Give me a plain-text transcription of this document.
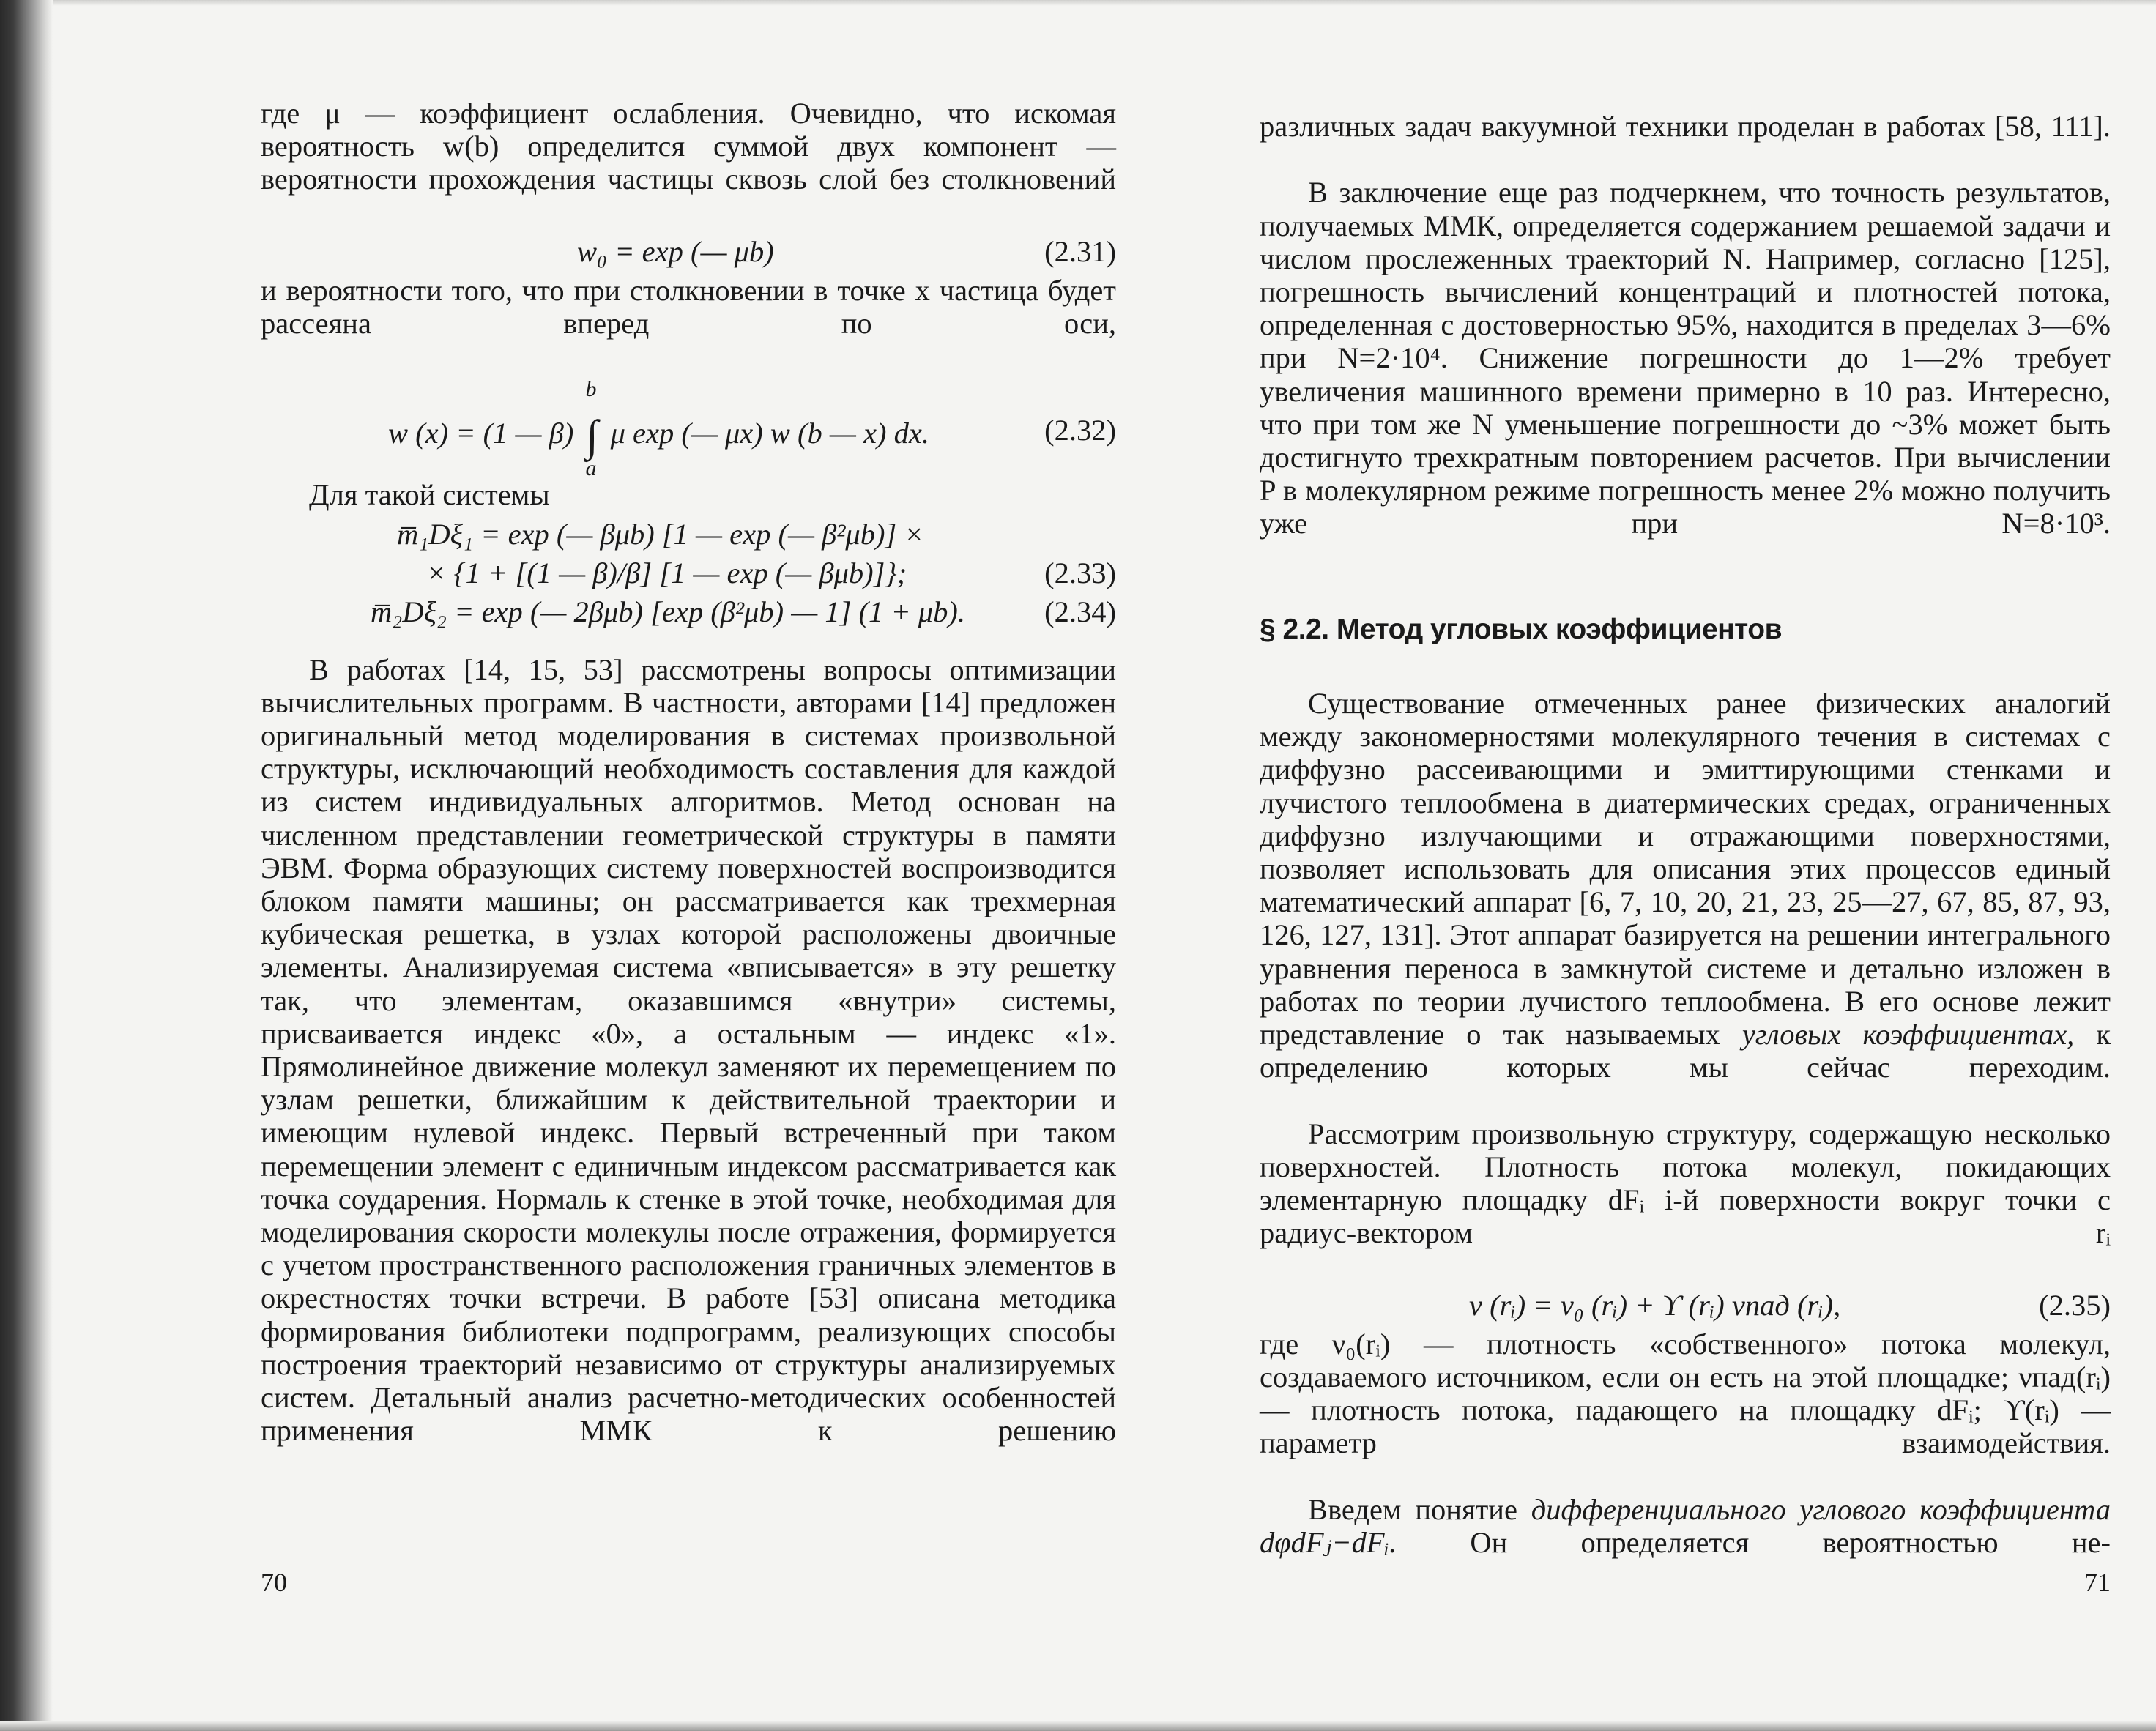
где μ — коэффициент ослабления. Очевидно, что искомая вероятность w(b) определится суммой двух компонент — вероятности прохождения частицы сквозь слой без столкновений

w₀ = exp (— μb)	(2.31)

и вероятности того, что при столкновении в точке x частица будет рассеяна вперед по оси,

w (x) = (1 — β) ∫
b
a
μ exp (— μx) w (b — x) dx.	(2.32)

Для такой системы

m̅₁Dξ₁ = exp (— βμb) [1 — exp (— β²μb)] ×
× {1 + [(1 — β)/β] [1 — exp (— βμb)]};	(2.33)
m̅₂Dξ₂ = exp (— 2βμb) [exp (β²μb) — 1] (1 + μb).	(2.34)

В работах [14, 15, 53] рассмотрены вопросы оптимизации вычислительных программ. В частности, авторами [14] предложен оригинальный метод моделирования в системах произвольной структуры, исключающий необходимость составления для каждой из систем индивидуальных алгоритмов. Метод основан на численном представлении геометрической структуры в памяти ЭВМ. Форма образующих систему поверхностей воспроизводится блоком памяти машины; он рассматривается как трехмерная кубическая решетка, в узлах которой расположены двоичные элементы. Анализируемая система «вписывается» в эту решетку так, что элементам, оказавшимся «внутри» системы, присваивается индекс «0», а остальным — индекс «1». Прямолинейное движение молекул заменяют их перемещением по узлам решетки, ближайшим к действительной траектории и имеющим нулевой индекс. Первый встреченный при таком перемещении элемент с единичным индексом рассматривается как точка соударения. Нормаль к стенке в этой точке, необходимая для моделирования скорости молекулы после отражения, формируется с учетом пространственного расположения граничных элементов в окрестностях точки встречи. В работе [53] описана методика формирования библиотеки подпрограмм, реализующих способы построения траекторий независимо от структуры анализируемых систем. Детальный анализ расчетно-методических особенностей применения ММК к решению

70

различных задач вакуумной техники проделан в работах [58, 111].

В заключение еще раз подчеркнем, что точность результатов, получаемых ММК, определяется содержанием решаемой задачи и числом прослеженных траекторий N. Например, согласно [125], погрешность вычислений концентраций и плотностей потока, определенная с достоверностью 95%, находится в пределах 3—6% при N=2·10⁴. Снижение погрешности до 1—2% требует увеличения машинного времени примерно в 10 раз. Интересно, что при том же N уменьшение погрешности до ~3% может быть достигнуто трехкратным повторением расчетов. При вычислении P в молекулярном режиме погрешность менее 2% можно получить уже при N=8·10³.

§ 2.2. Метод угловых коэффициентов

Существование отмеченных ранее физических аналогий между закономерностями молекулярного течения в системах с диффузно рассеивающими и эмиттирующими стенками и лучистого теплообмена в диатермических средах, ограниченных диффузно излучающими и отражающими поверхностями, позволяет использовать для описания этих процессов единый математический аппарат [6, 7, 10, 20, 21, 23, 25—27, 67, 85, 87, 93, 126, 127, 131]. Этот аппарат базируется на решении интегрального уравнения переноса в замкнутой системе и детально изложен в работах по теории лучистого теплообмена. В его основе лежит представление о так называемых угловых коэффициентах, к определению которых мы сейчас переходим.

Рассмотрим произвольную структуру, содержащую несколько поверхностей. Плотность потока молекул, покидающих элементарную площадку dFᵢ i-й поверхности вокруг точки с радиус-вектором rᵢ

ν (rᵢ) = ν₀ (rᵢ) + ϒ (rᵢ) νпад (rᵢ),	(2.35)

где ν₀(rᵢ) — плотность «собственного» потока молекул, создаваемого источником, если он есть на этой площадке; νпад(rᵢ) — плотность потока, падающего на площадку dFᵢ; ϒ(rᵢ) — параметр взаимодействия.

Введем понятие дифференциального углового коэффициента dφdFⱼ−dFᵢ. Он определяется вероятностью не-

71
